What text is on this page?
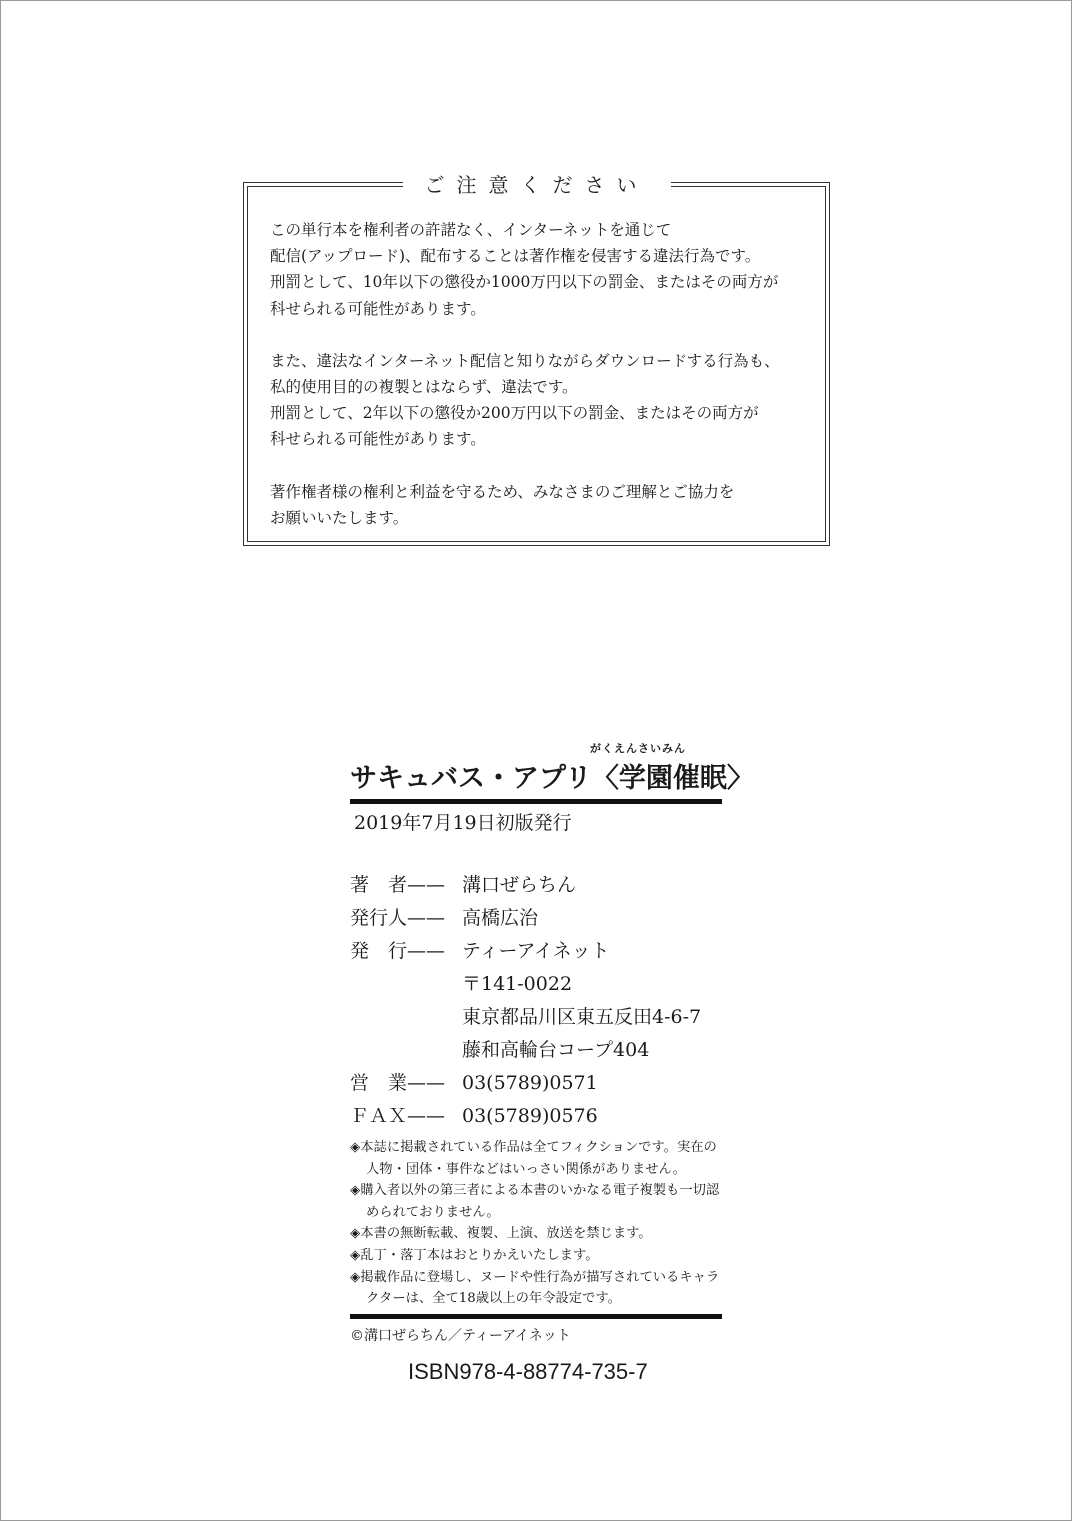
ご注意ください

この単行本を権利者の許諾なく、インターネットを通じて
配信(アップロード)、配布することは著作権を侵害する違法行為です。
刑罰として、10年以下の懲役か1000万円以下の罰金、またはその両方が
科せられる可能性があります。

また、違法なインターネット配信と知りながらダウンロードする行為も、
私的使用目的の複製とはならず、違法です。
刑罰として、2年以下の懲役か200万円以下の罰金、またはその両方が
科せられる可能性があります。

著作権者様の権利と利益を守るため、みなさまのご理解とご協力を
お願いいたします。

がくえんさいみん
サキュバス・アプリ〈学園催眠〉
2019年7月19日初版発行
著　者—— 溝口ぜらちん
発行人—— 高橋広治
発　行—— ティーアイネット
〒141-0022
東京都品川区東五反田4-6-7
藤和高輪台コープ404
営　業—— 03(5789)0571
ＦＡＸ—— 03(5789)0576
◈本誌に掲載されている作品は全てフィクションです。実在の人物・団体・事件などはいっさい関係がありません。
◈購入者以外の第三者による本書のいかなる電子複製も一切認められておりません。
◈本書の無断転載、複製、上演、放送を禁じます。
◈乱丁・落丁本はおとりかえいたします。
◈掲載作品に登場し、ヌードや性行為が描写されているキャラクターは、全て18歳以上の年令設定です。
©溝口ぜらちん／ティーアイネット
ISBN978-4-88774-735-7
